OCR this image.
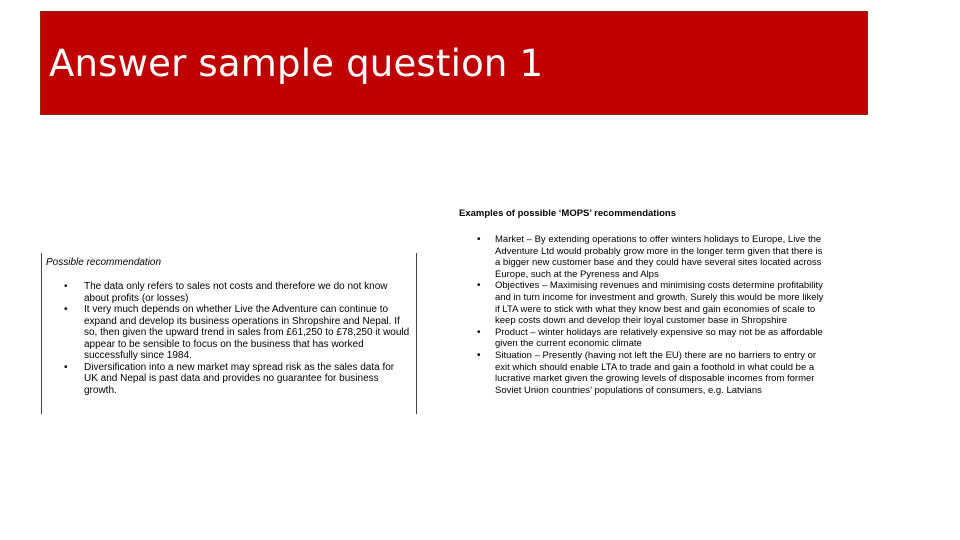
Answer sample question 1

Possible recommendation

• The data only refers to sales not costs and therefore we do not know about profits (or losses)
• It very much depends on whether Live the Adventure can continue to expand and develop its business operations in Shropshire and Nepal. If so, then given the upward trend in sales from £61,250 to £78,250 it would appear to be sensible to focus on the business that has worked successfully since 1984.
• Diversification into a new market may spread risk as the sales data for UK and Nepal is past data and provides no guarantee for business growth.

Examples of possible ‘MOPS’ recommendations

• Market – By extending operations to offer winters holidays to Europe, Live the Adventure Ltd would probably grow more in the longer term given that there is a bigger new customer base and they could have several sites located across Europe, such at the Pyreness and Alps
• Objectives – Maximising revenues and minimising costs determine profitability and in turn income for investment and growth. Surely this would be more likely if LTA were to stick with what they know best and gain economies of scale to keep costs down and develop their loyal customer base in Shropshire
• Product – winter holidays are relatively expensive so may not be as affordable given the current economic climate
• Situation – Presently (having not left the EU) there are no barriers to entry or exit which should enable LTA to trade and gain a foothold in what could be a lucrative market given the growing levels of disposable incomes from former Soviet Union countries’ populations of consumers, e.g. Latvians
